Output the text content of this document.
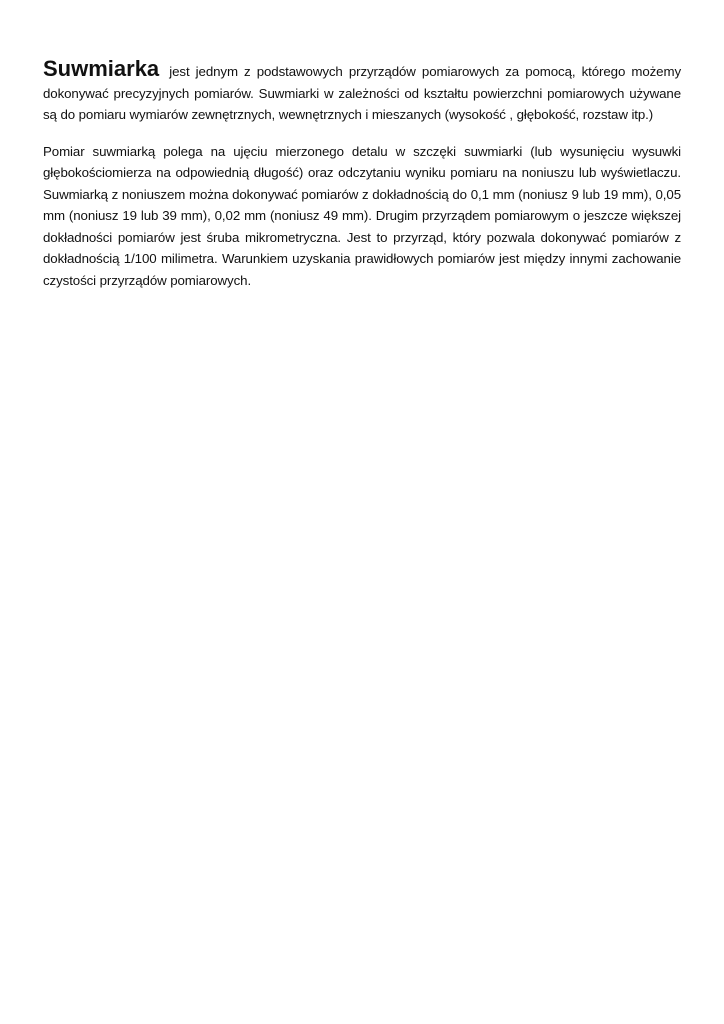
Suwmiarka jest jednym z podstawowych przyrządów pomiarowych za pomocą, którego możemy dokonywać precyzyjnych pomiarów. Suwmiarki w zależności od kształtu powierzchni pomiarowych używane są do pomiaru wymiarów zewnętrznych, wewnętrznych i mieszanych (wysokość , głębokość, rozstaw itp.)

Pomiar suwmiarką polega na ujęciu mierzonego detalu w szczęki suwmiarki (lub wysunięciu wysuwki głębokościomierza na odpowiednią długość) oraz odczytaniu wyniku pomiaru na noniuszu lub wyświetlaczu. Suwmiarką z noniuszem można dokonywać pomiarów z dokładnością do 0,1 mm (noniusz 9 lub 19 mm), 0,05 mm (noniusz 19 lub 39 mm), 0,02 mm (noniusz 49 mm). Drugim przyrządem pomiarowym o jeszcze większej dokładności pomiarów jest śruba mikrometryczna. Jest to przyrząd, który pozwala dokonywać pomiarów z dokładnością 1/100 milimetra. Warunkiem uzyskania prawidłowych pomiarów jest między innymi zachowanie czystości przyrządów pomiarowych.
